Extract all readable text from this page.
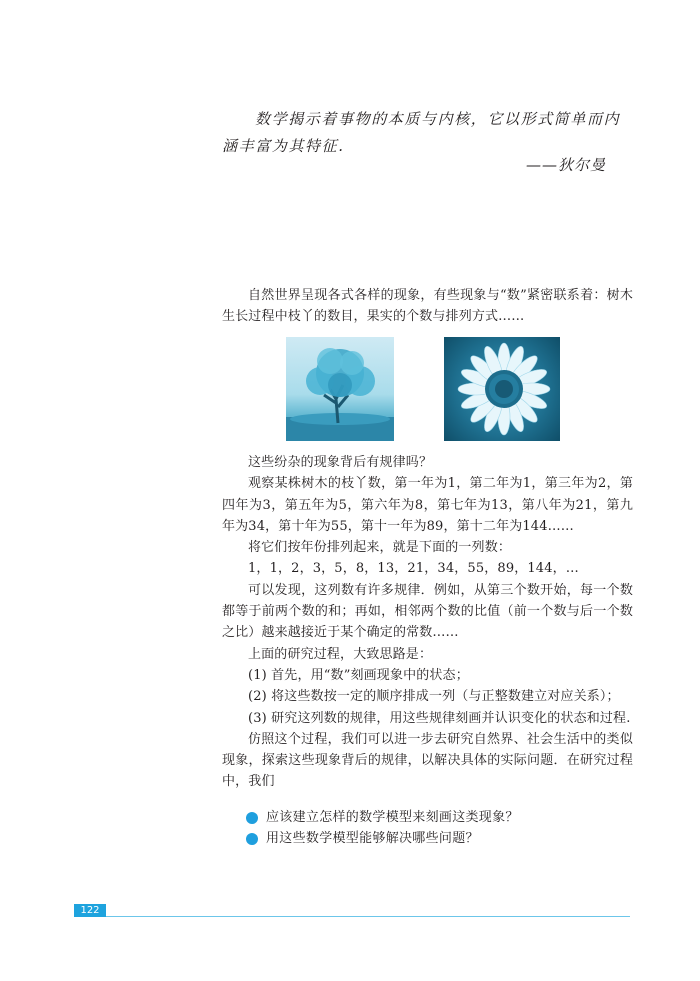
数学揭示着事物的本质与内核，它以形式简单而内涵丰富为其特征.

——狄尔曼

自然世界呈现各式各样的现象，有些现象与“数”紧密联系着：树木生长过程中枝丫的数目，果实的个数与排列方式……

这些纷杂的现象背后有规律吗？

观察某株树木的枝丫数，第一年为1，第二年为1，第三年为2，第四年为3，第五年为5，第六年为8，第七年为13，第八年为21，第九年为34，第十年为55，第十一年为89，第十二年为144……

将它们按年份排列起来，就是下面的一列数：

1，1，2，3，5，8，13，21，34，55，89，144，…

可以发现，这列数有许多规律．例如，从第三个数开始，每一个数都等于前两个数的和；再如，相邻两个数的比值（前一个数与后一个数之比）越来越接近于某个确定的常数……

上面的研究过程，大致思路是：

(1) 首先，用“数”刻画现象中的状态；

(2) 将这些数按一定的顺序排成一列（与正整数建立对应关系）；

(3) 研究这列数的规律，用这些规律刻画并认识变化的状态和过程.

仿照这个过程，我们可以进一步去研究自然界、社会生活中的类似现象，探索这些现象背后的规律，以解决具体的实际问题．在研究过程中，我们

应该建立怎样的数学模型来刻画这类现象？
用这些数学模型能够解决哪些问题？
122
